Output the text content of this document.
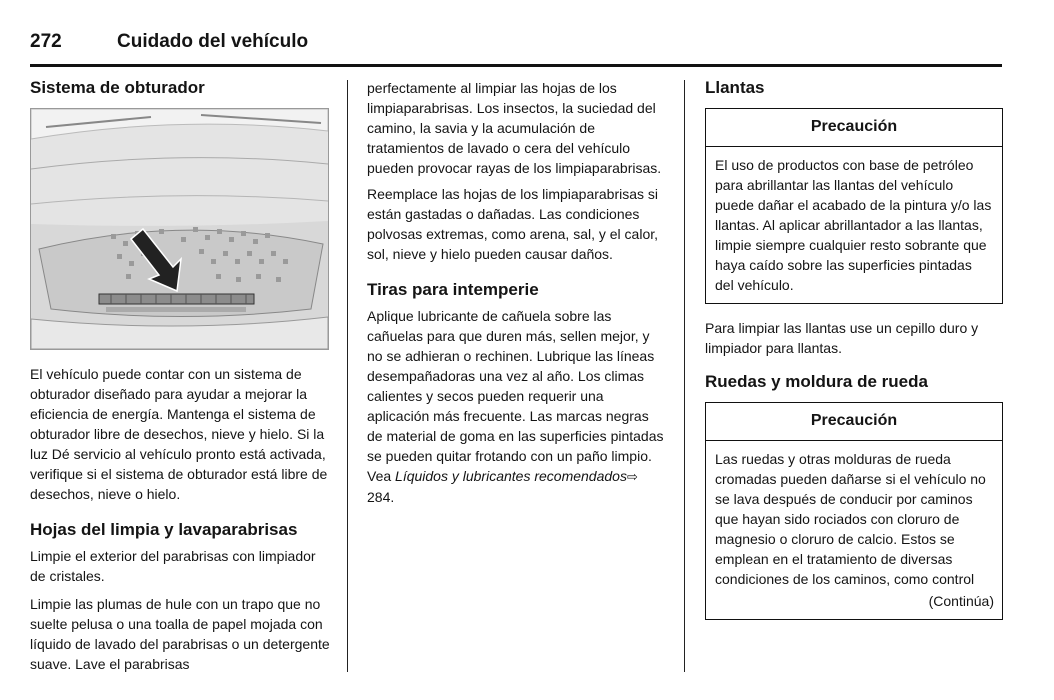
272	Cuidado del vehículo
Sistema de obturador

El vehículo puede contar con un sistema de obturador diseñado para ayudar a mejorar la eficiencia de energía. Mantenga el sistema de obturador libre de desechos, nieve y hielo. Si la luz Dé servicio al vehículo pronto está activada, verifique si el sistema de obturador está libre de desechos, nieve o hielo.

Hojas del limpia y lavaparabrisas

Limpie el exterior del parabrisas con limpiador de cristales.

Limpie las plumas de hule con un trapo que no suelte pelusa o una toalla de papel mojada con líquido de lavado del parabrisas o un detergente suave. Lave el parabrisas

perfectamente al limpiar las hojas de los limpiaparabrisas. Los insectos, la suciedad del camino, la savia y la acumulación de tratamientos de lavado o cera del vehículo pueden provocar rayas de los limpiaparabrisas.

Reemplace las hojas de los limpiaparabrisas si están gastadas o dañadas. Las condiciones polvosas extremas, como arena, sal, y el calor, sol, nieve y hielo pueden causar daños.

Tiras para intemperie

Aplique lubricante de cañuela sobre las cañuelas para que duren más, sellen mejor, y no se adhieran o rechinen. Lubrique las líneas desempañadoras una vez al año. Los climas calientes y secos pueden requerir una aplicación más frecuente. Las marcas negras de material de goma en las superficies pintadas se pueden quitar frotando con un paño limpio.

Vea Líquidos y lubricantes recomendados⇨ 284.

Llantas
Precaución

El uso de productos con base de petróleo para abrillantar las llantas del vehículo puede dañar el acabado de la pintura y/o las llantas. Al aplicar abrillantador a las llantas, limpie siempre cualquier resto sobrante que haya caído sobre las superficies pintadas del vehículo.

Para limpiar las llantas use un cepillo duro y limpiador para llantas.

Ruedas y moldura de rueda
Precaución

Las ruedas y otras molduras de rueda cromadas pueden dañarse si el vehículo no se lava después de conducir por caminos que hayan sido rociados con cloruro de magnesio o cloruro de calcio. Estos se emplean en el tratamiento de diversas condiciones de los caminos, como control

(Continúa)
